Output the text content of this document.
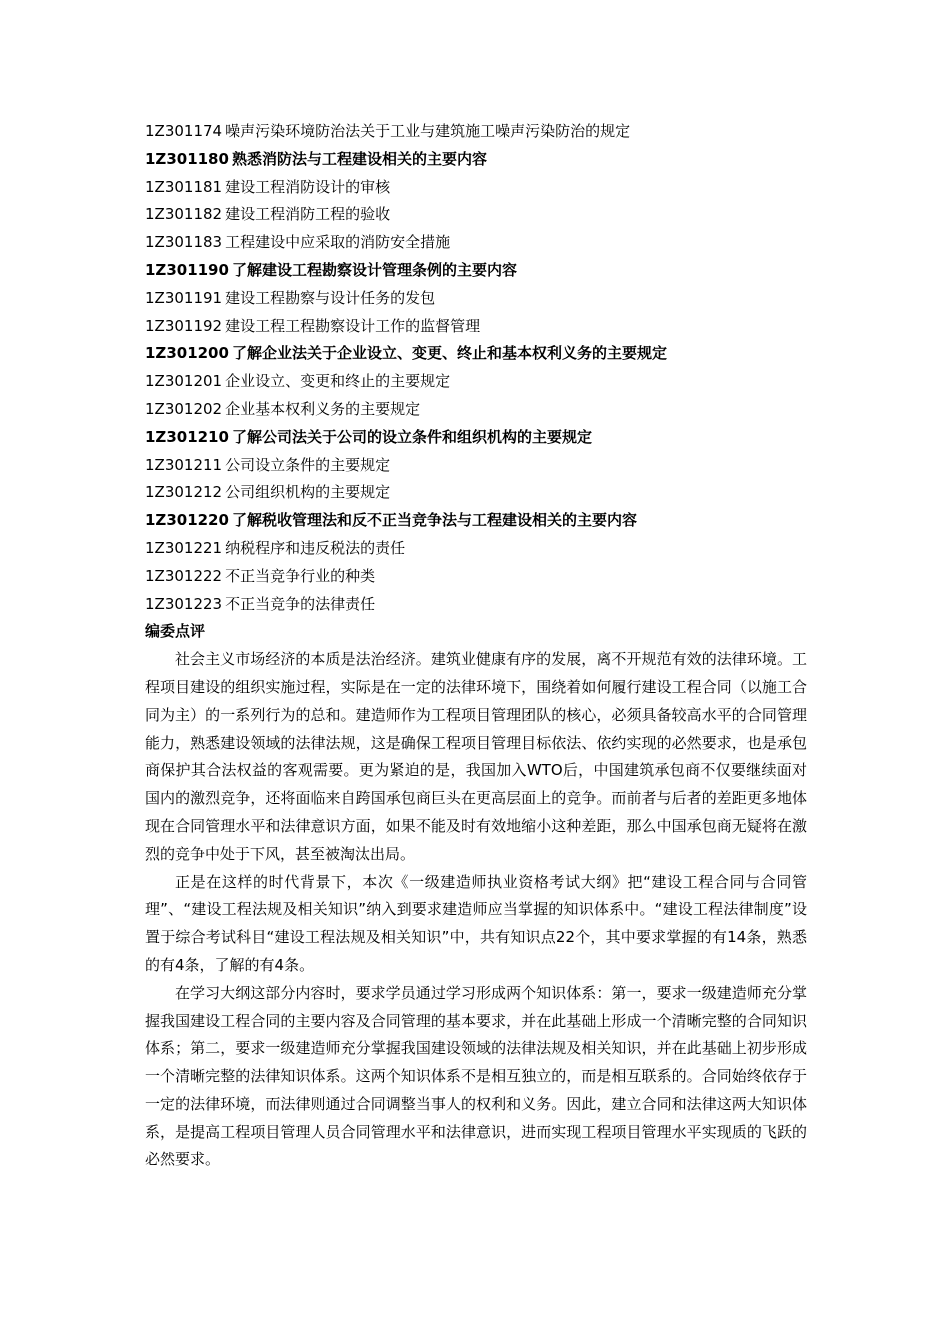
1Z301174 噪声污染环境防治法关于工业与建筑施工噪声污染防治的规定
1Z301180 熟悉消防法与工程建设相关的主要内容
1Z301181 建设工程消防设计的审核
1Z301182 建设工程消防工程的验收
1Z301183 工程建设中应采取的消防安全措施
1Z301190 了解建设工程勘察设计管理条例的主要内容
1Z301191 建设工程勘察与设计任务的发包
1Z301192 建设工程工程勘察设计工作的监督管理
1Z301200 了解企业法关于企业设立、变更、终止和基本权利义务的主要规定
1Z301201 企业设立、变更和终止的主要规定
1Z301202 企业基本权利义务的主要规定
1Z301210 了解公司法关于公司的设立条件和组织机构的主要规定
1Z301211 公司设立条件的主要规定
1Z301212 公司组织机构的主要规定
1Z301220 了解税收管理法和反不正当竞争法与工程建设相关的主要内容
1Z301221 纳税程序和违反税法的责任
1Z301222 不正当竞争行业的种类
1Z301223 不正当竞争的法律责任
编委点评

社会主义市场经济的本质是法治经济。建筑业健康有序的发展，离不开规范有效的法律环境。工程项目建设的组织实施过程，实际是在一定的法律环境下，围绕着如何履行建设工程合同（以施工合同为主）的一系列行为的总和。建造师作为工程项目管理团队的核心，必须具备较高水平的合同管理能力，熟悉建设领域的法律法规，这是确保工程项目管理目标依法、依约实现的必然要求，也是承包商保护其合法权益的客观需要。更为紧迫的是，我国加入WTO后，中国建筑承包商不仅要继续面对国内的激烈竞争，还将面临来自跨国承包商巨头在更高层面上的竞争。而前者与后者的差距更多地体现在合同管理水平和法律意识方面，如果不能及时有效地缩小这种差距，那么中国承包商无疑将在激烈的竞争中处于下风，甚至被淘汰出局。

正是在这样的时代背景下，本次《一级建造师执业资格考试大纲》把“建设工程合同与合同管理”、“建设工程法规及相关知识”纳入到要求建造师应当掌握的知识体系中。“建设工程法律制度”设置于综合考试科目“建设工程法规及相关知识”中，共有知识点22个，其中要求掌握的有14条，熟悉的有4条，了解的有4条。

在学习大纲这部分内容时，要求学员通过学习形成两个知识体系：第一，要求一级建造师充分掌握我国建设工程合同的主要内容及合同管理的基本要求，并在此基础上形成一个清晰完整的合同知识体系；第二，要求一级建造师充分掌握我国建设领域的法律法规及相关知识，并在此基础上初步形成一个清晰完整的法律知识体系。这两个知识体系不是相互独立的，而是相互联系的。合同始终依存于一定的法律环境，而法律则通过合同调整当事人的权利和义务。因此，建立合同和法律这两大知识体系，是提高工程项目管理人员合同管理水平和法律意识，进而实现工程项目管理水平实现质的飞跃的必然要求。
